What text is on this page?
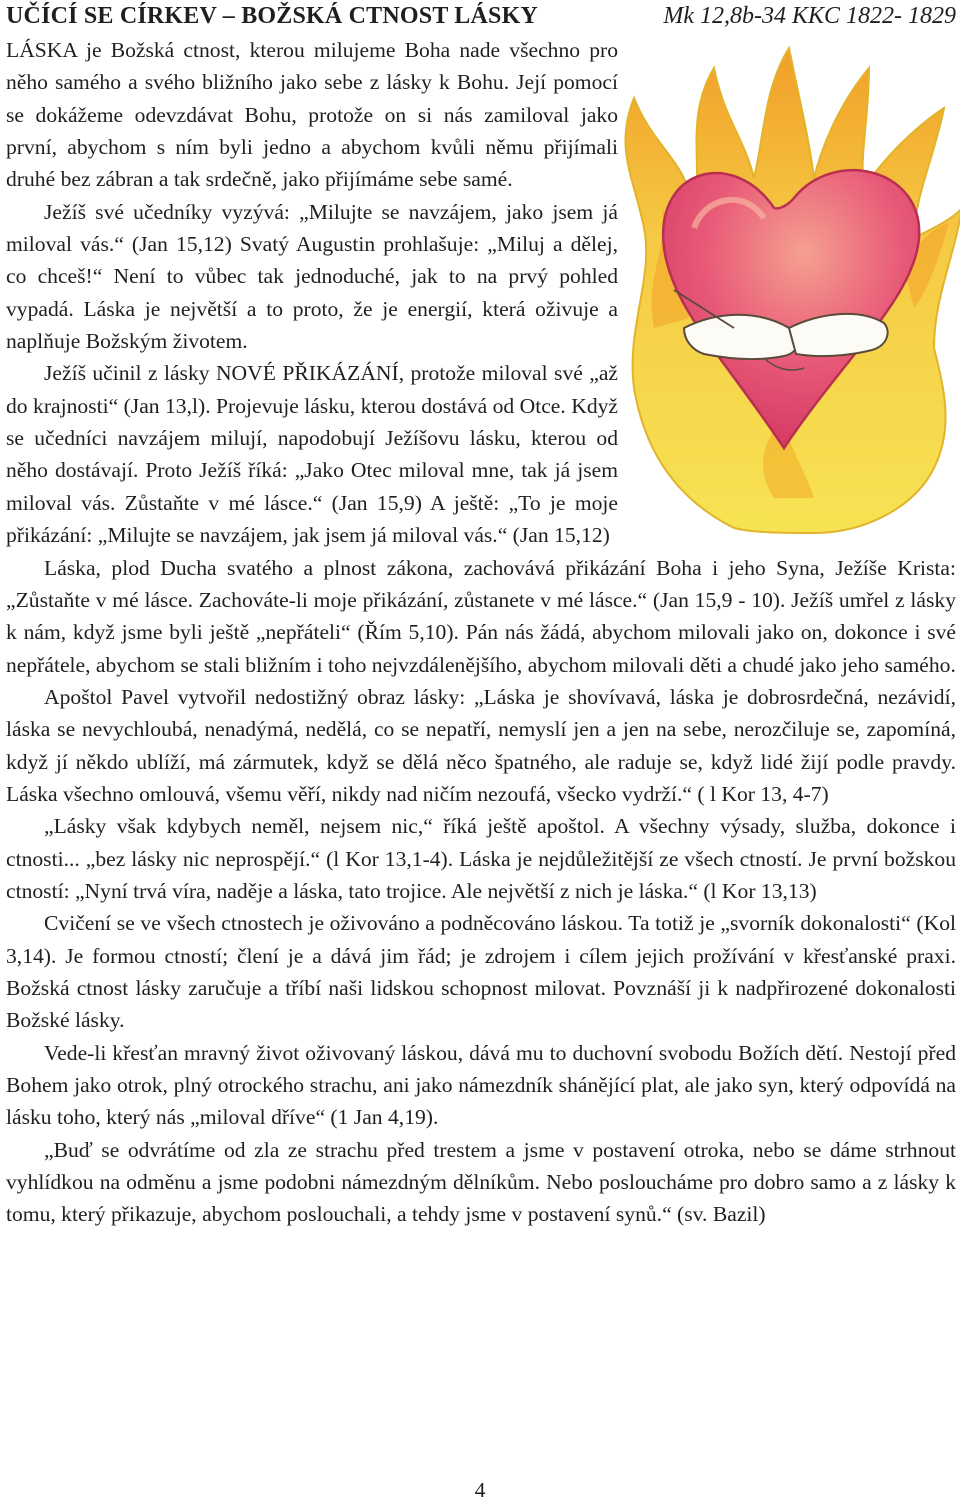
UČÍCÍ SE CÍRKEV – BOŽSKÁ CTNOST LÁSKY	Mk 12,8b-34 KKC 1822- 1829

LÁSKA je Božská ctnost, kterou milujeme Boha nade všechno pro něho samého a svého bližního jako sebe z lásky k Bohu. Její pomocí se dokážeme odevzdávat Bohu, protože on si nás zamiloval jako první, abychom s ním byli jedno a abychom kvůli němu přijímali druhé bez zábran a tak srdečně, jako přijímáme sebe samé.

Ježíš své učedníky vyzývá: „Milujte se navzájem, jako jsem já miloval vás.“ (Jan 15,12) Svatý Augustin prohlašuje: „Miluj a dělej, co chceš!“ Není to vůbec tak jednoduché, jak to na prvý pohled vypadá. Láska je největší a to proto, že je energií, která oživuje a naplňuje Božským životem.

Ježíš učinil z lásky NOVÉ PŘIKÁZÁNÍ, protože miloval své „až do krajnosti“ (Jan 13,l). Projevuje lásku, kterou dostává od Otce. Když se učedníci navzájem milují, napodobují Ježíšovu lásku, kterou od něho dostávají. Proto Ježíš říká: „Jako Otec miloval mne, tak já jsem miloval vás. Zůstaňte v mé lásce.“ (Jan 15,9) A ještě: „To je moje přikázání: „Milujte se navzájem, jak jsem já miloval vás.“ (Jan 15,12)

Láska, plod Ducha svatého a plnost zákona, zachovává přikázání Boha i jeho Syna, Ježíše Krista: „Zůstaňte v mé lásce. Zachováte-li moje přikázání, zůstanete v mé lásce.“ (Jan 15,9 - 10). Ježíš umřel z lásky k nám, když jsme byli ještě „nepřáteli“ (Řím 5,10). Pán nás žádá, abychom milovali jako on, dokonce i své nepřátele, abychom se stali bližním i toho nejvzdálenějšího, abychom milovali děti a chudé jako jeho samého.

Apoštol Pavel vytvořil nedostižný obraz lásky: „Láska je shovívavá, láska je dobrosrdečná, nezávidí, láska se nevychloubá, nenadýmá, nedělá, co se nepatří, nemyslí jen a jen na sebe, nerozčiluje se, zapomíná, když jí někdo ublíží, má zármutek, když se dělá něco špatného, ale raduje se, když lidé žijí podle pravdy. Láska všechno omlouvá, všemu věří, nikdy nad ničím nezoufá, všecko vydrží.“ ( l Kor 13, 4-7)

„Lásky však kdybych neměl, nejsem nic,“ říká ještě apoštol. A všechny výsady, služba, dokonce i ctnosti... „bez lásky nic neprospějí.“ (l Kor 13,1-4). Láska je nejdůležitější ze všech ctností. Je první božskou ctností: „Nyní trvá víra, naděje a láska, tato trojice. Ale největší z nich je láska.“ (l Kor 13,13)

Cvičení se ve všech ctnostech je oživováno a podněcováno láskou. Ta totiž je „svorník dokonalosti“ (Kol 3,14). Je formou ctností; člení je a dává jim řád; je zdrojem i cílem jejich prožívání v křesťanské praxi. Božská ctnost lásky zaručuje a tříbí naši lidskou schopnost milovat. Povznáší ji k nadpřirozené dokonalosti Božské lásky.

Vede-li křesťan mravný život oživovaný láskou, dává mu to duchovní svobodu Božích dětí. Nestojí před Bohem jako otrok, plný otrockého strachu, ani jako námezdník shánějící plat, ale jako syn, který odpovídá na lásku toho, který nás „miloval dříve“ (1 Jan 4,19).

„Buď se odvrátíme od zla ze strachu před trestem a jsme v postavení otroka, nebo se dáme strhnout vyhlídkou na odměnu a jsme podobni námezdným dělníkům. Nebo posloucháme pro dobro samo a z lásky k tomu, který přikazuje, abychom poslouchali, a tehdy jsme v postavení synů.“ (sv. Bazil)

4
